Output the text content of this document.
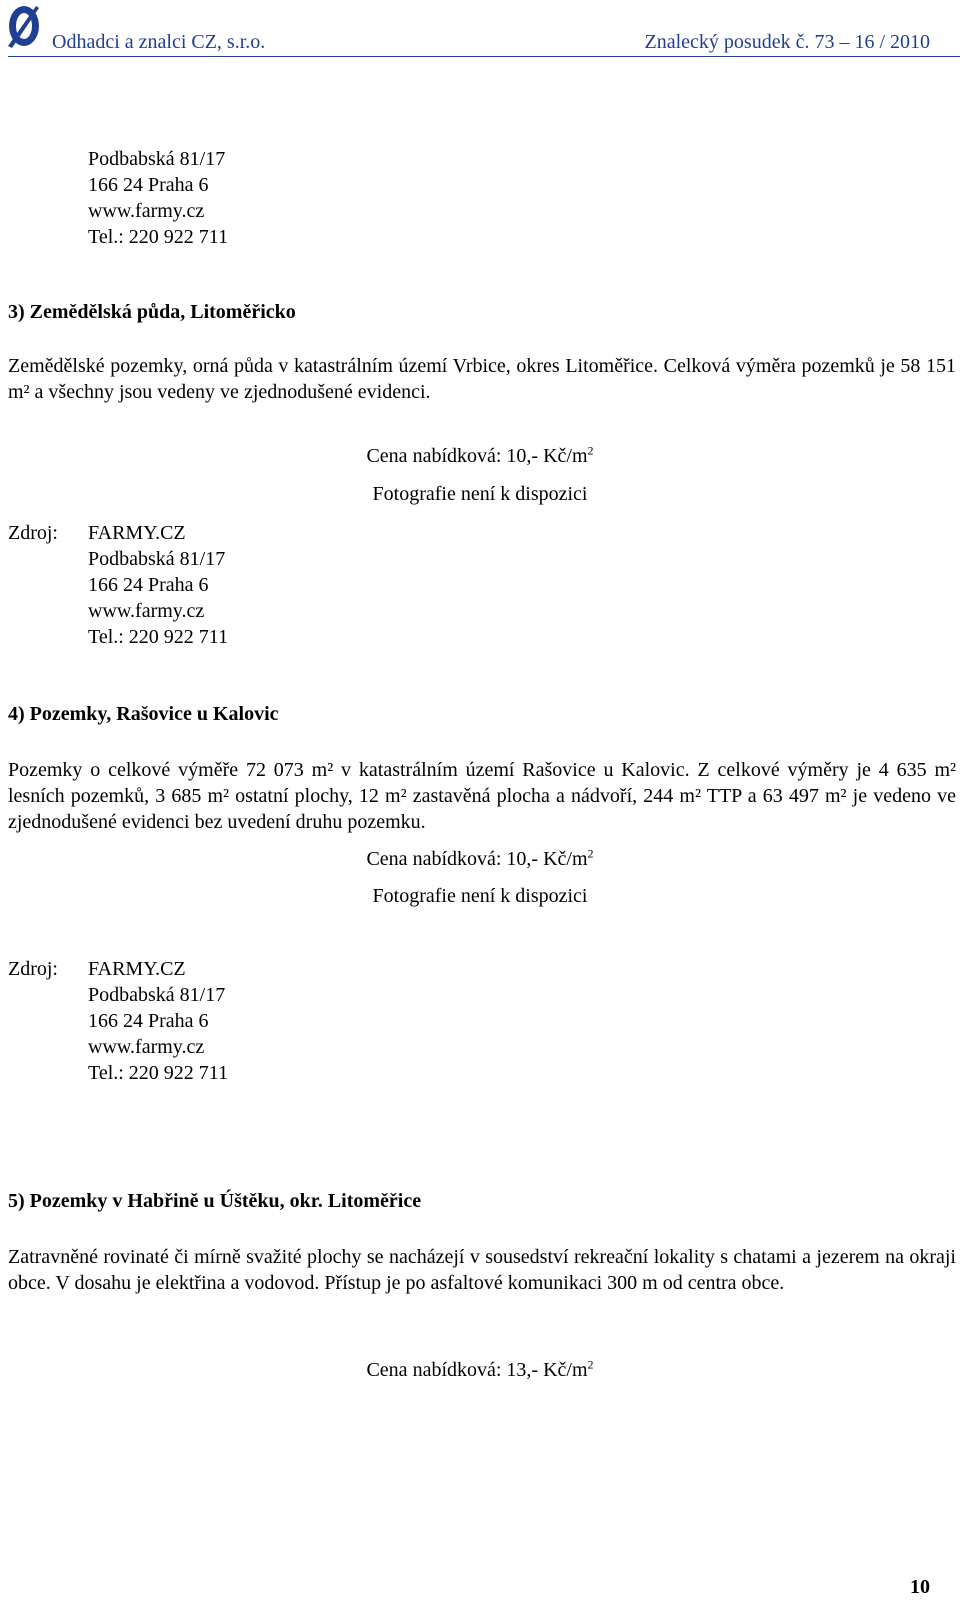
Odhadci a znalci CZ, s.r.o.	Znalecký posudek č. 73 – 16 / 2010
Podbabská 81/17
166 24 Praha 6
www.farmy.cz
Tel.: 220 922 711
3) Zemědělská půda, Litoměřicko
Zemědělské pozemky, orná půda v katastrálním území Vrbice, okres Litoměřice. Celková výměra pozemků je 58 151 m² a všechny jsou vedeny ve zjednodušené evidenci.
Cena nabídková: 10,- $Kč/m^2$
Fotografie není k dispozici
Zdroj: FARMY.CZ
Podbabská 81/17
166 24 Praha 6
www.farmy.cz
Tel.: 220 922 711
4) Pozemky, Rašovice u Kalovic
Pozemky o celkové výměře 72 073 m² v katastrálním území Rašovice u Kalovic. Z celkové výměry je 4 635 m² lesních pozemků, 3 685 m² ostatní plochy, 12 m² zastavěná plocha a nádvoří, 244 m² TTP a 63 497 m² je vedeno ve zjednodušené evidenci bez uvedení druhu pozemku.
Cena nabídková: 10,- $Kč/m^2$
Fotografie není k dispozici
Zdroj: FARMY.CZ
Podbabská 81/17
166 24 Praha 6
www.farmy.cz
Tel.: 220 922 711
5) Pozemky v Habřině u Úštěku, okr. Litoměřice
Zatravněné rovinaté či mírně svažité plochy se nacházejí v sousedství rekreační lokality s chatami a jezerem na okraji obce. V dosahu je elektřina a vodovod. Přístup je po asfaltové komunikaci 300 m od centra obce.
Cena nabídková: 13,- $Kč/m^2$
10
